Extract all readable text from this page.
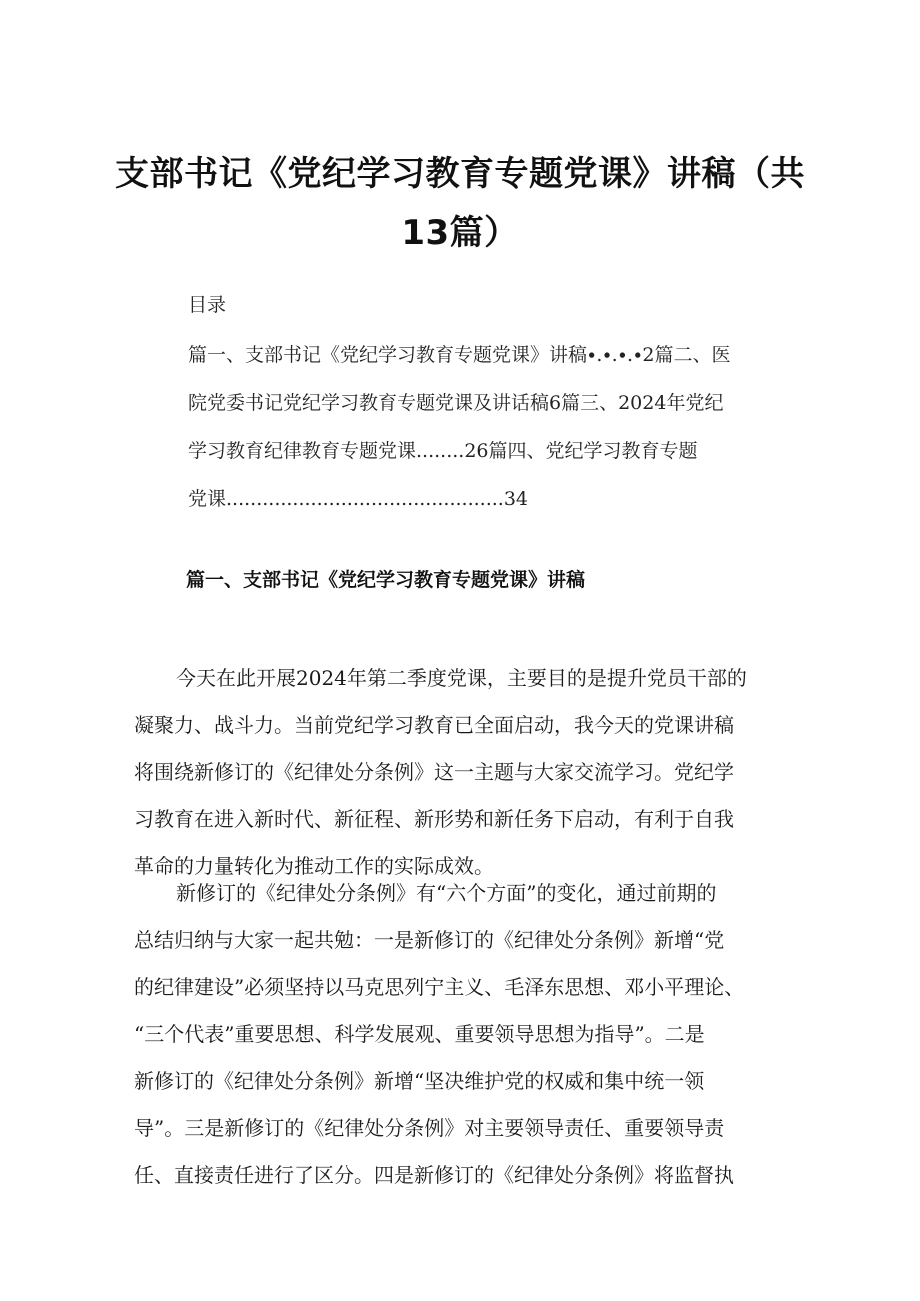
支部书记《党纪学习教育专题党课》讲稿（共
13篇）
目录
篇一、支部书记《党纪学习教育专题党课》讲稿∙.∙.∙.∙2篇二、医
院党委书记党纪学习教育专题党课及讲话稿6篇三、2024年党纪
学习教育纪律教育专题党课........26篇四、党纪学习教育专题
党课..............................................34
篇一、支部书记《党纪学习教育专题党课》讲稿
今天在此开展2024年第二季度党课，主要目的是提升党员干部的
凝聚力、战斗力。当前党纪学习教育已全面启动，我今天的党课讲稿
将围绕新修订的《纪律处分条例》这一主题与大家交流学习。党纪学
习教育在进入新时代、新征程、新形势和新任务下启动，有利于自我
革命的力量转化为推动工作的实际成效。
新修订的《纪律处分条例》有“六个方面”的变化，通过前期的
总结归纳与大家一起共勉：一是新修订的《纪律处分条例》新增“党
的纪律建设”必须坚持以马克思列宁主义、毛泽东思想、邓小平理论、
“三个代表”重要思想、科学发展观、重要领导思想为指导”。二是
新修订的《纪律处分条例》新增“坚决维护党的权威和集中统一领
导”。三是新修订的《纪律处分条例》对主要领导责任、重要领导责
任、直接责任进行了区分。四是新修订的《纪律处分条例》将监督执
